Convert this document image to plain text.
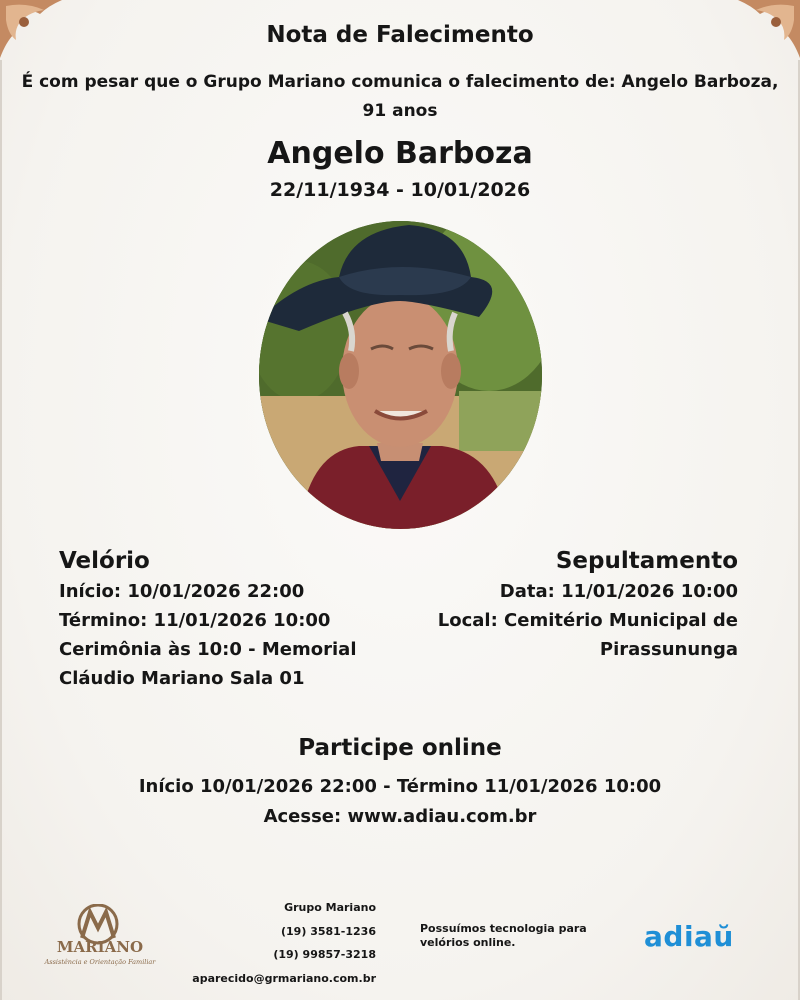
Nota de Falecimento
É com pesar que o Grupo Mariano comunica o falecimento de: Angelo Barboza, 91 anos
Angelo Barboza
22/11/1934 - 10/01/2026
Velório
Início: 10/01/2026 22:00
Término: 11/01/2026 10:00
Cerimônia às 10:0 - Memorial
Cláudio Mariano Sala 01
Sepultamento
Data: 11/01/2026 10:00
Local: Cemitério Municipal de
Pirassununga
Participe online
Início 10/01/2026 22:00 - Término 11/01/2026 10:00
Acesse: www.adiau.com.br
MARIANO
Assistência e Orientação Familiar
Grupo Mariano
(19) 3581-1236
(19) 99857-3218
aparecido@grmariano.com.br
Possuímos tecnologia para velórios online.	adiaŭ
